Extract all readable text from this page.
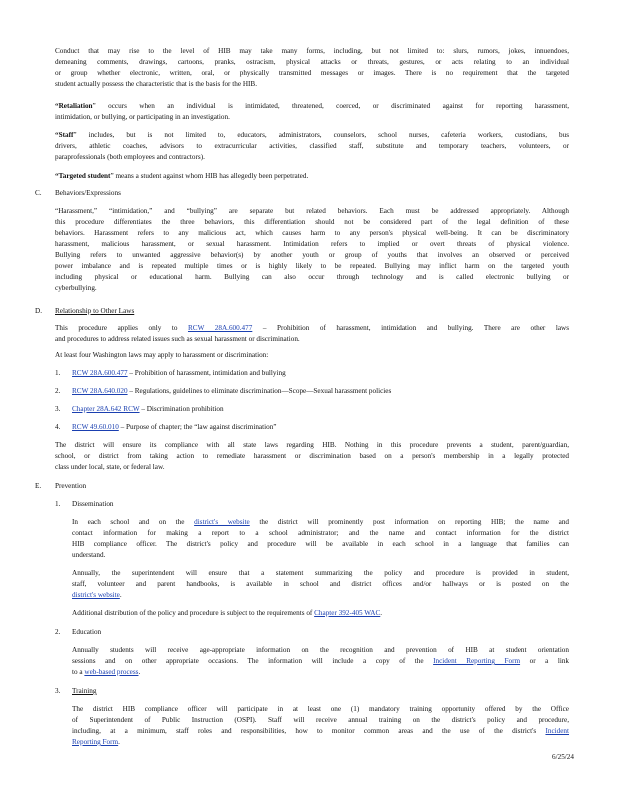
Conduct that may rise to the level of HIB may take many forms, including, but not limited to: slurs, rumors, jokes, innuendoes,
demeaning comments, drawings, cartoons, pranks, ostracism, physical attacks or threats, gestures, or acts relating to an individual
or group whether electronic, written, oral, or physically transmitted messages or images. There is no requirement that the targeted
student actually possess the characteristic that is the basis for the HIB.
“Retaliation” occurs when an individual is intimidated, threatened, coerced, or discriminated against for reporting harassment,
intimidation, or bullying, or participating in an investigation.
“Staff” includes, but is not limited to, educators, administrators, counselors, school nurses, cafeteria workers, custodians, bus
drivers, athletic coaches, advisors to extracurricular activities, classified staff, substitute and temporary teachers, volunteers, or
paraprofessionals (both employees and contractors).
“Targeted student” means a student against whom HIB has allegedly been perpetrated.
C. Behaviors/Expressions
“Harassment,” “intimidation,” and “bullying” are separate but related behaviors. Each must be addressed appropriately. Although
this procedure differentiates the three behaviors, this differentiation should not be considered part of the legal definition of these
behaviors. Harassment refers to any malicious act, which causes harm to any person's physical well-being. It can be discriminatory
harassment, malicious harassment, or sexual harassment. Intimidation refers to implied or overt threats of physical violence.
Bullying refers to unwanted aggressive behavior(s) by another youth or group of youths that involves an observed or perceived
power imbalance and is repeated multiple times or is highly likely to be repeated. Bullying may inflict harm on the targeted youth
including physical or educational harm. Bullying can also occur through technology and is called electronic bullying or
cyberbullying.
D. Relationship to Other Laws
This procedure applies only to RCW 28A.600.477 – Prohibition of harassment, intimidation and bullying. There are other laws
and procedures to address related issues such as sexual harassment or discrimination.
At least four Washington laws may apply to harassment or discrimination:
1. RCW 28A.600.477 – Prohibition of harassment, intimidation and bullying
2. RCW 28A.640.020 – Regulations, guidelines to eliminate discrimination—Scope—Sexual harassment policies
3. Chapter 28A.642 RCW – Discrimination prohibition
4. RCW 49.60.010 – Purpose of chapter; the “law against discrimination”
The district will ensure its compliance with all state laws regarding HIB. Nothing in this procedure prevents a student, parent/guardian,
school, or district from taking action to remediate harassment or discrimination based on a person's membership in a legally protected
class under local, state, or federal law.
E. Prevention
1. Dissemination
In each school and on the district's website the district will prominently post information on reporting HIB; the name and
contact information for making a report to a school administrator; and the name and contact information for the district
HIB compliance officer. The district's policy and procedure will be available in each school in a language that families can
understand.
Annually, the superintendent will ensure that a statement summarizing the policy and procedure is provided in student,
staff, volunteer and parent handbooks, is available in school and district offices and/or hallways or is posted on the
district's website.
Additional distribution of the policy and procedure is subject to the requirements of Chapter 392-405 WAC.
2. Education
Annually students will receive age-appropriate information on the recognition and prevention of HIB at student orientation
sessions and on other appropriate occasions. The information will include a copy of the Incident Reporting Form or a link
to a web-based process.
3. Training
The district HIB compliance officer will participate in at least one (1) mandatory training opportunity offered by the Office
of Superintendent of Public Instruction (OSPI). Staff will receive annual training on the district's policy and procedure,
including, at a minimum, staff roles and responsibilities, how to monitor common areas and the use of the district's Incident
Reporting Form.
6/25/24
